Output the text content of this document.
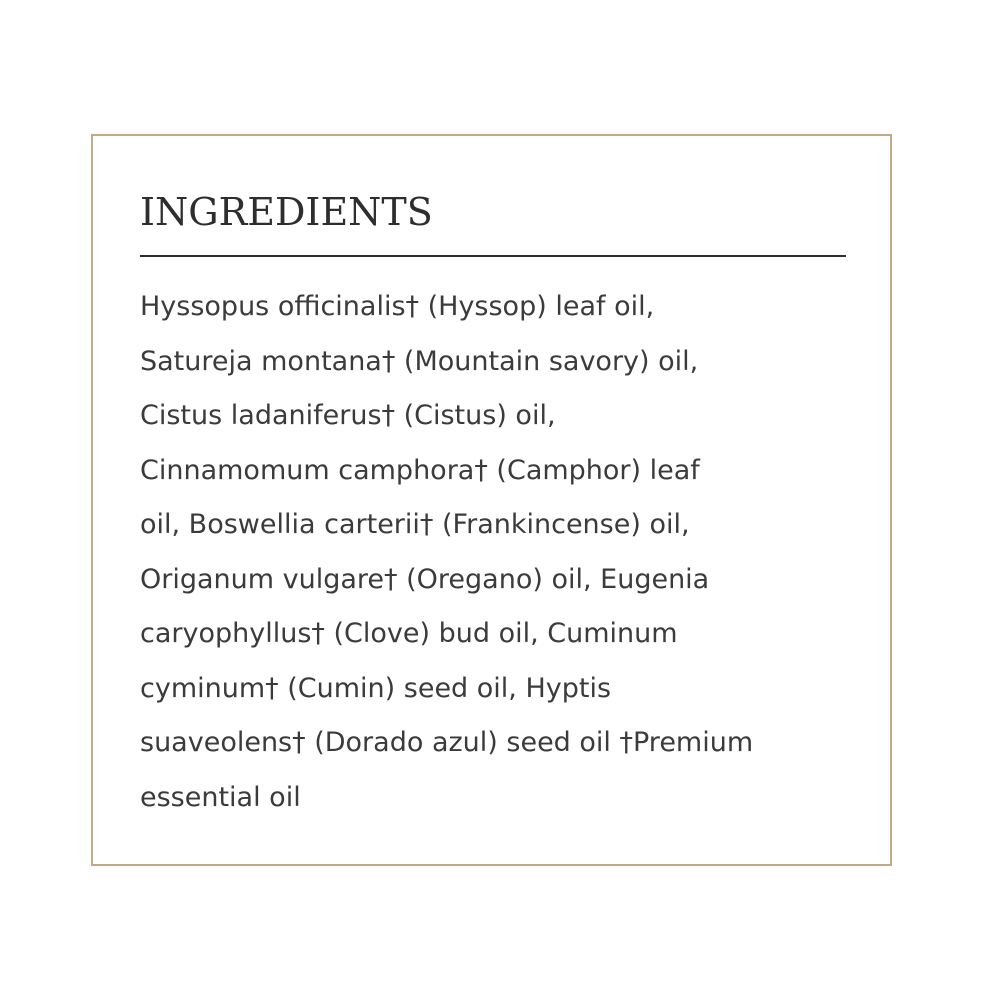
INGREDIENTS

Hyssopus officinalis† (Hyssop) leaf oil,
Satureja montana† (Mountain savory) oil,
Cistus ladaniferus† (Cistus) oil,
Cinnamomum camphora† (Camphor) leaf
oil, Boswellia carterii† (Frankincense) oil,
Origanum vulgare† (Oregano) oil, Eugenia
caryophyllus† (Clove) bud oil, Cuminum
cyminum† (Cumin) seed oil, Hyptis
suaveolens† (Dorado azul) seed oil †Premium
essential oil
